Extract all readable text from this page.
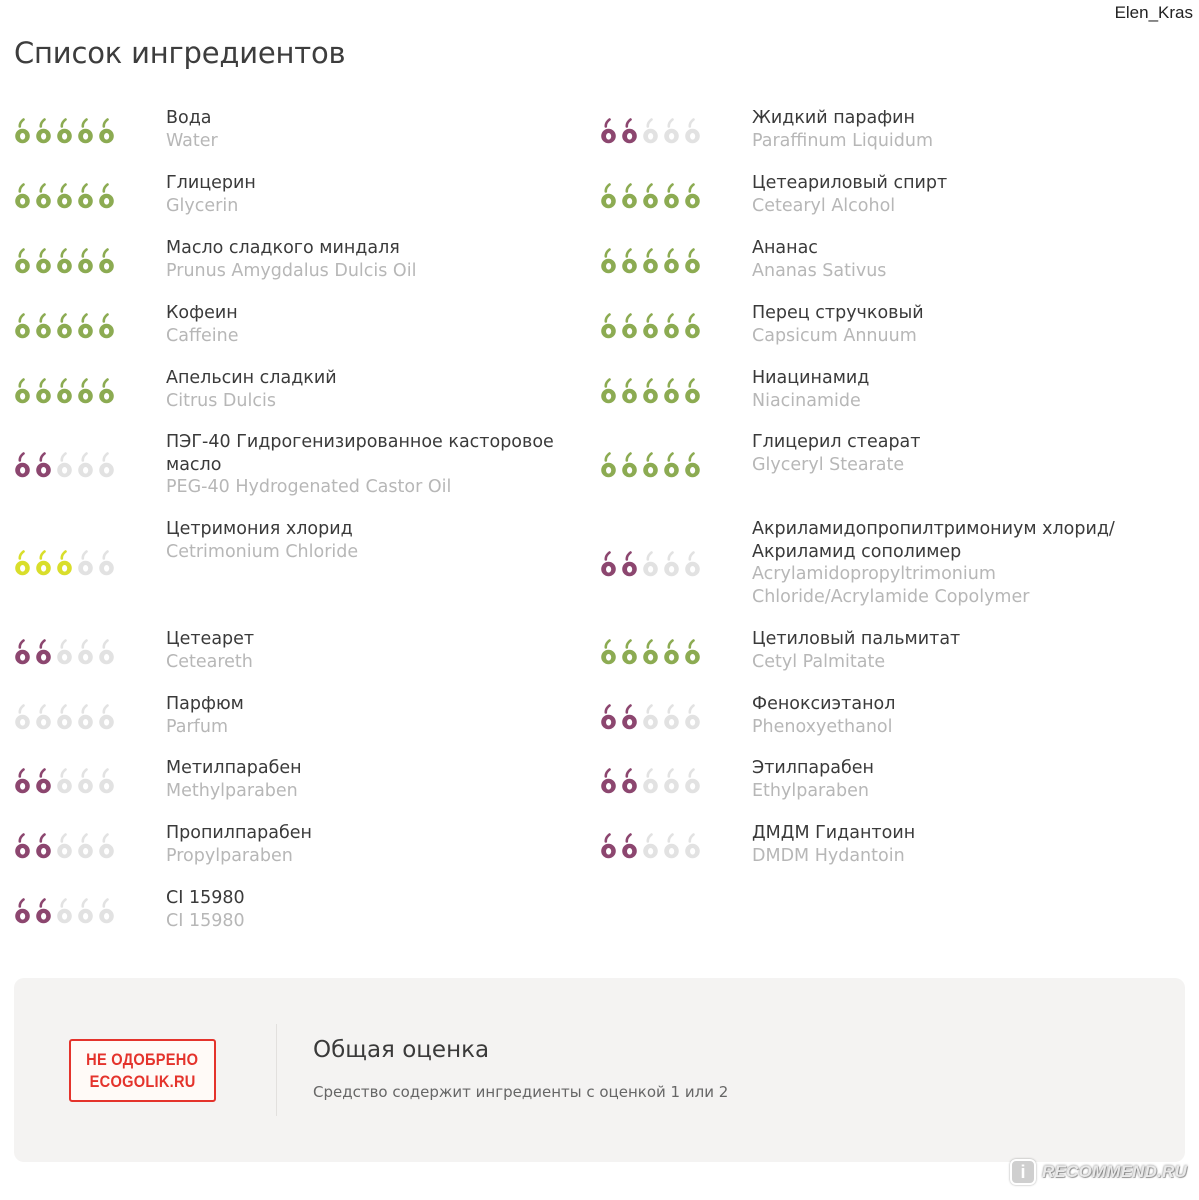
Elen_Kras
Список ингредиентов
Вода
Water
Глицерин
Glycerin
Масло сладкого миндаля
Prunus Amygdalus Dulcis Oil
Кофеин
Caffeine
Апельсин сладкий
Citrus Dulcis
ПЭГ-40 Гидрогенизированное касторовое масло
PEG-40 Hydrogenated Castor Oil
Цетримония хлорид
Cetrimonium Chloride
Цетеарет
Ceteareth
Парфюм
Parfum
Метилпарабен
Methylparaben
Пропилпарабен
Propylparaben
CI 15980
CI 15980
Жидкий парафин
Paraffinum Liquidum
Цетеариловый спирт
Cetearyl Alcohol
Ананас
Ananas Sativus
Перец стручковый
Capsicum Annuum
Ниацинамид
Niacinamide
Глицерил стеарат
Glyceryl Stearate
Акриламидопропилтримониум хлорид/ Акриламид сополимер
Acrylamidopropyltrimonium Chloride/Acrylamide Copolymer
Цетиловый пальмитат
Cetyl Palmitate
Феноксиэтанол
Phenoxyethanol
Этилпарабен
Ethylparaben
ДМДМ Гидантоин
DMDM Hydantoin
НЕ ОДОБРЕНО
ECOGOLIK.RU
Общая оценка
Средство содержит ингредиенты с оценкой 1 или 2
i RECOMMEND.RU
